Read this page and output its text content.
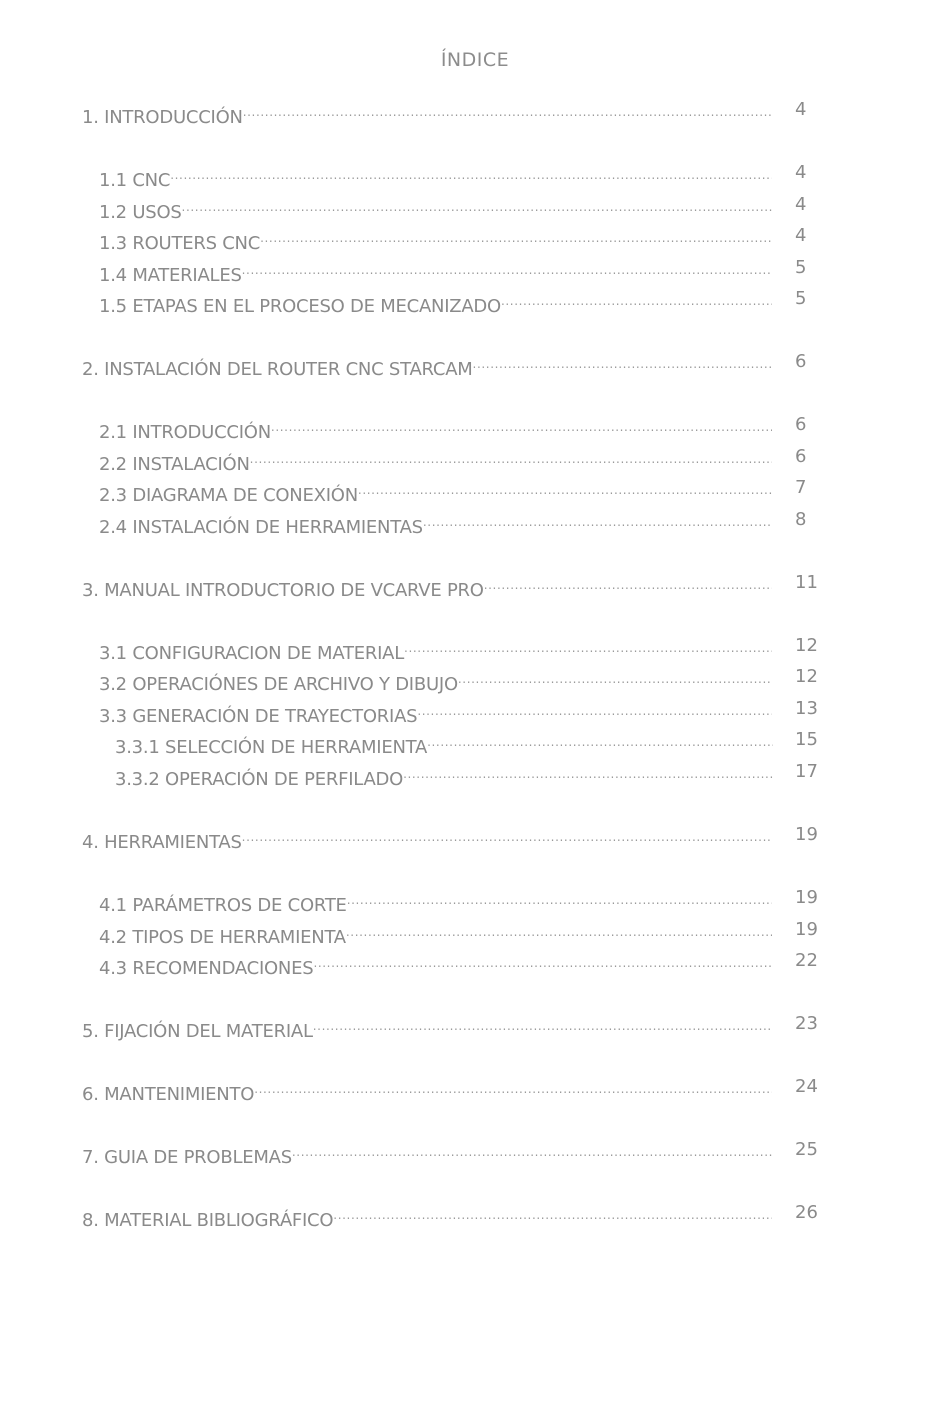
ÍNDICE
1. INTRODUCCIÓN .....	4
1.1 CNC .....	4
1.2 USOS .....	4
1.3 ROUTERS CNC .....	4
1.4 MATERIALES .....	5
1.5 ETAPAS EN EL PROCESO DE MECANIZADO .....	5
2. INSTALACIÓN DEL ROUTER CNC STARCAM .....	6
2.1 INTRODUCCIÓN .....	6
2.2 INSTALACIÓN .....	6
2.3 DIAGRAMA DE CONEXIÓN .....	7
2.4 INSTALACIÓN DE HERRAMIENTAS .....	8
3. MANUAL INTRODUCTORIO DE VCARVE PRO .....	11
3.1 CONFIGURACION DE MATERIAL .....	12
3.2 OPERACIÓNES DE ARCHIVO Y DIBUJO .....	12
3.3 GENERACIÓN DE TRAYECTORIAS .....	13
3.3.1 SELECCIÓN DE HERRAMIENTA .....	15
3.3.2 OPERACIÓN DE PERFILADO .....	17
4. HERRAMIENTAS .....	19
4.1 PARÁMETROS DE CORTE .....	19
4.2 TIPOS DE HERRAMIENTA .....	19
4.3 RECOMENDACIONES .....	22
5. FIJACIÓN DEL MATERIAL .....	23
6. MANTENIMIENTO .....	24
7. GUIA DE PROBLEMAS .....	25
8. MATERIAL BIBLIOGRÁFICO .....	26
